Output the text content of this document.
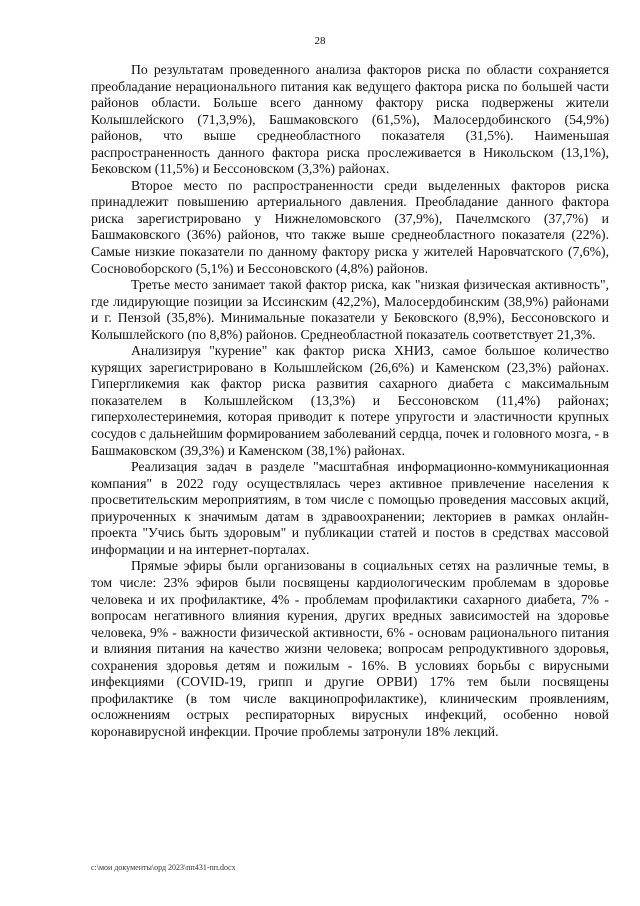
28

По результатам проведенного анализа факторов риска по области сохраняется преобладание нерационального питания как ведущего фактора риска по большей части районов области. Больше всего данному фактору риска подвержены жители Колышлейского (71,3,9%), Башмаковского (61,5%), Малосердобинского (54,9%) районов, что выше среднеобластного показателя (31,5%). Наименьшая распространенность данного фактора риска прослеживается в Никольском (13,1%), Бековском (11,5%) и Бессоновском (3,3%) районах.

Второе место по распространенности среди выделенных факторов риска принадлежит повышению артериального давления. Преобладание данного фактора риска зарегистрировано у Нижнеломовского (37,9%), Пачелмского (37,7%) и Башмаковского (36%) районов, что также выше среднеобластного показателя (22%). Самые низкие показатели по данному фактору риска у жителей Наровчатского (7,6%), Сосновоборского (5,1%) и Бессоновского (4,8%) районов.

Третье место занимает такой фактор риска, как "низкая физическая активность", где лидирующие позиции за Иссинским (42,2%), Малосердобинским (38,9%) районами и г. Пензой (35,8%). Минимальные показатели у Бековского (8,9%), Бессоновского и Колышлейского (по 8,8%) районов. Среднеобластной показатель соответствует 21,3%.

Анализируя "курение" как фактор риска ХНИЗ, самое большое количество курящих зарегистрировано в Колышлейском (26,6%) и Каменском (23,3%) районах. Гипергликемия как фактор риска развития сахарного диабета с максимальным показателем в Колышлейском (13,3%) и Бессоновском (11,4%) районах; гиперхолестеринемия, которая приводит к потере упругости и эластичности крупных сосудов с дальнейшим формированием заболеваний сердца, почек и головного мозга, - в Башмаковском (39,3%) и Каменском (38,1%) районах.

Реализация задач в разделе "масштабная информационно-коммуникационная компания" в 2022 году осуществлялась через активное привлечение населения к просветительским мероприятиям, в том числе с помощью проведения массовых акций, приуроченных к значимым датам в здравоохранении; лекториев в рамках онлайн-проекта "Учись быть здоровым" и публикации статей и постов в средствах массовой информации и на интернет-порталах.

Прямые эфиры были организованы в социальных сетях на различные темы, в том числе: 23% эфиров были посвящены кардиологическим проблемам в здоровье человека и их профилактике, 4% - проблемам профилактики сахарного диабета, 7% - вопросам негативного влияния курения, других вредных зависимостей на здоровье человека, 9% - важности физической активности, 6% - основам рационального питания и влияния питания на качество жизни человека; вопросам репродуктивного здоровья, сохранения здоровья детям и пожилым - 16%. В условиях борьбы с вирусными инфекциями (COVID-19, грипп и другие ОРВИ) 17% тем были посвящены профилактике (в том числе вакцинопрофилактике), клиническим проявлениям, осложнениям острых респираторных вирусных инфекций, особенно новой коронавирусной инфекции. Прочие проблемы затронули 18% лекций.

c:\мои документы\орд 2023\пп431-пп.docx
